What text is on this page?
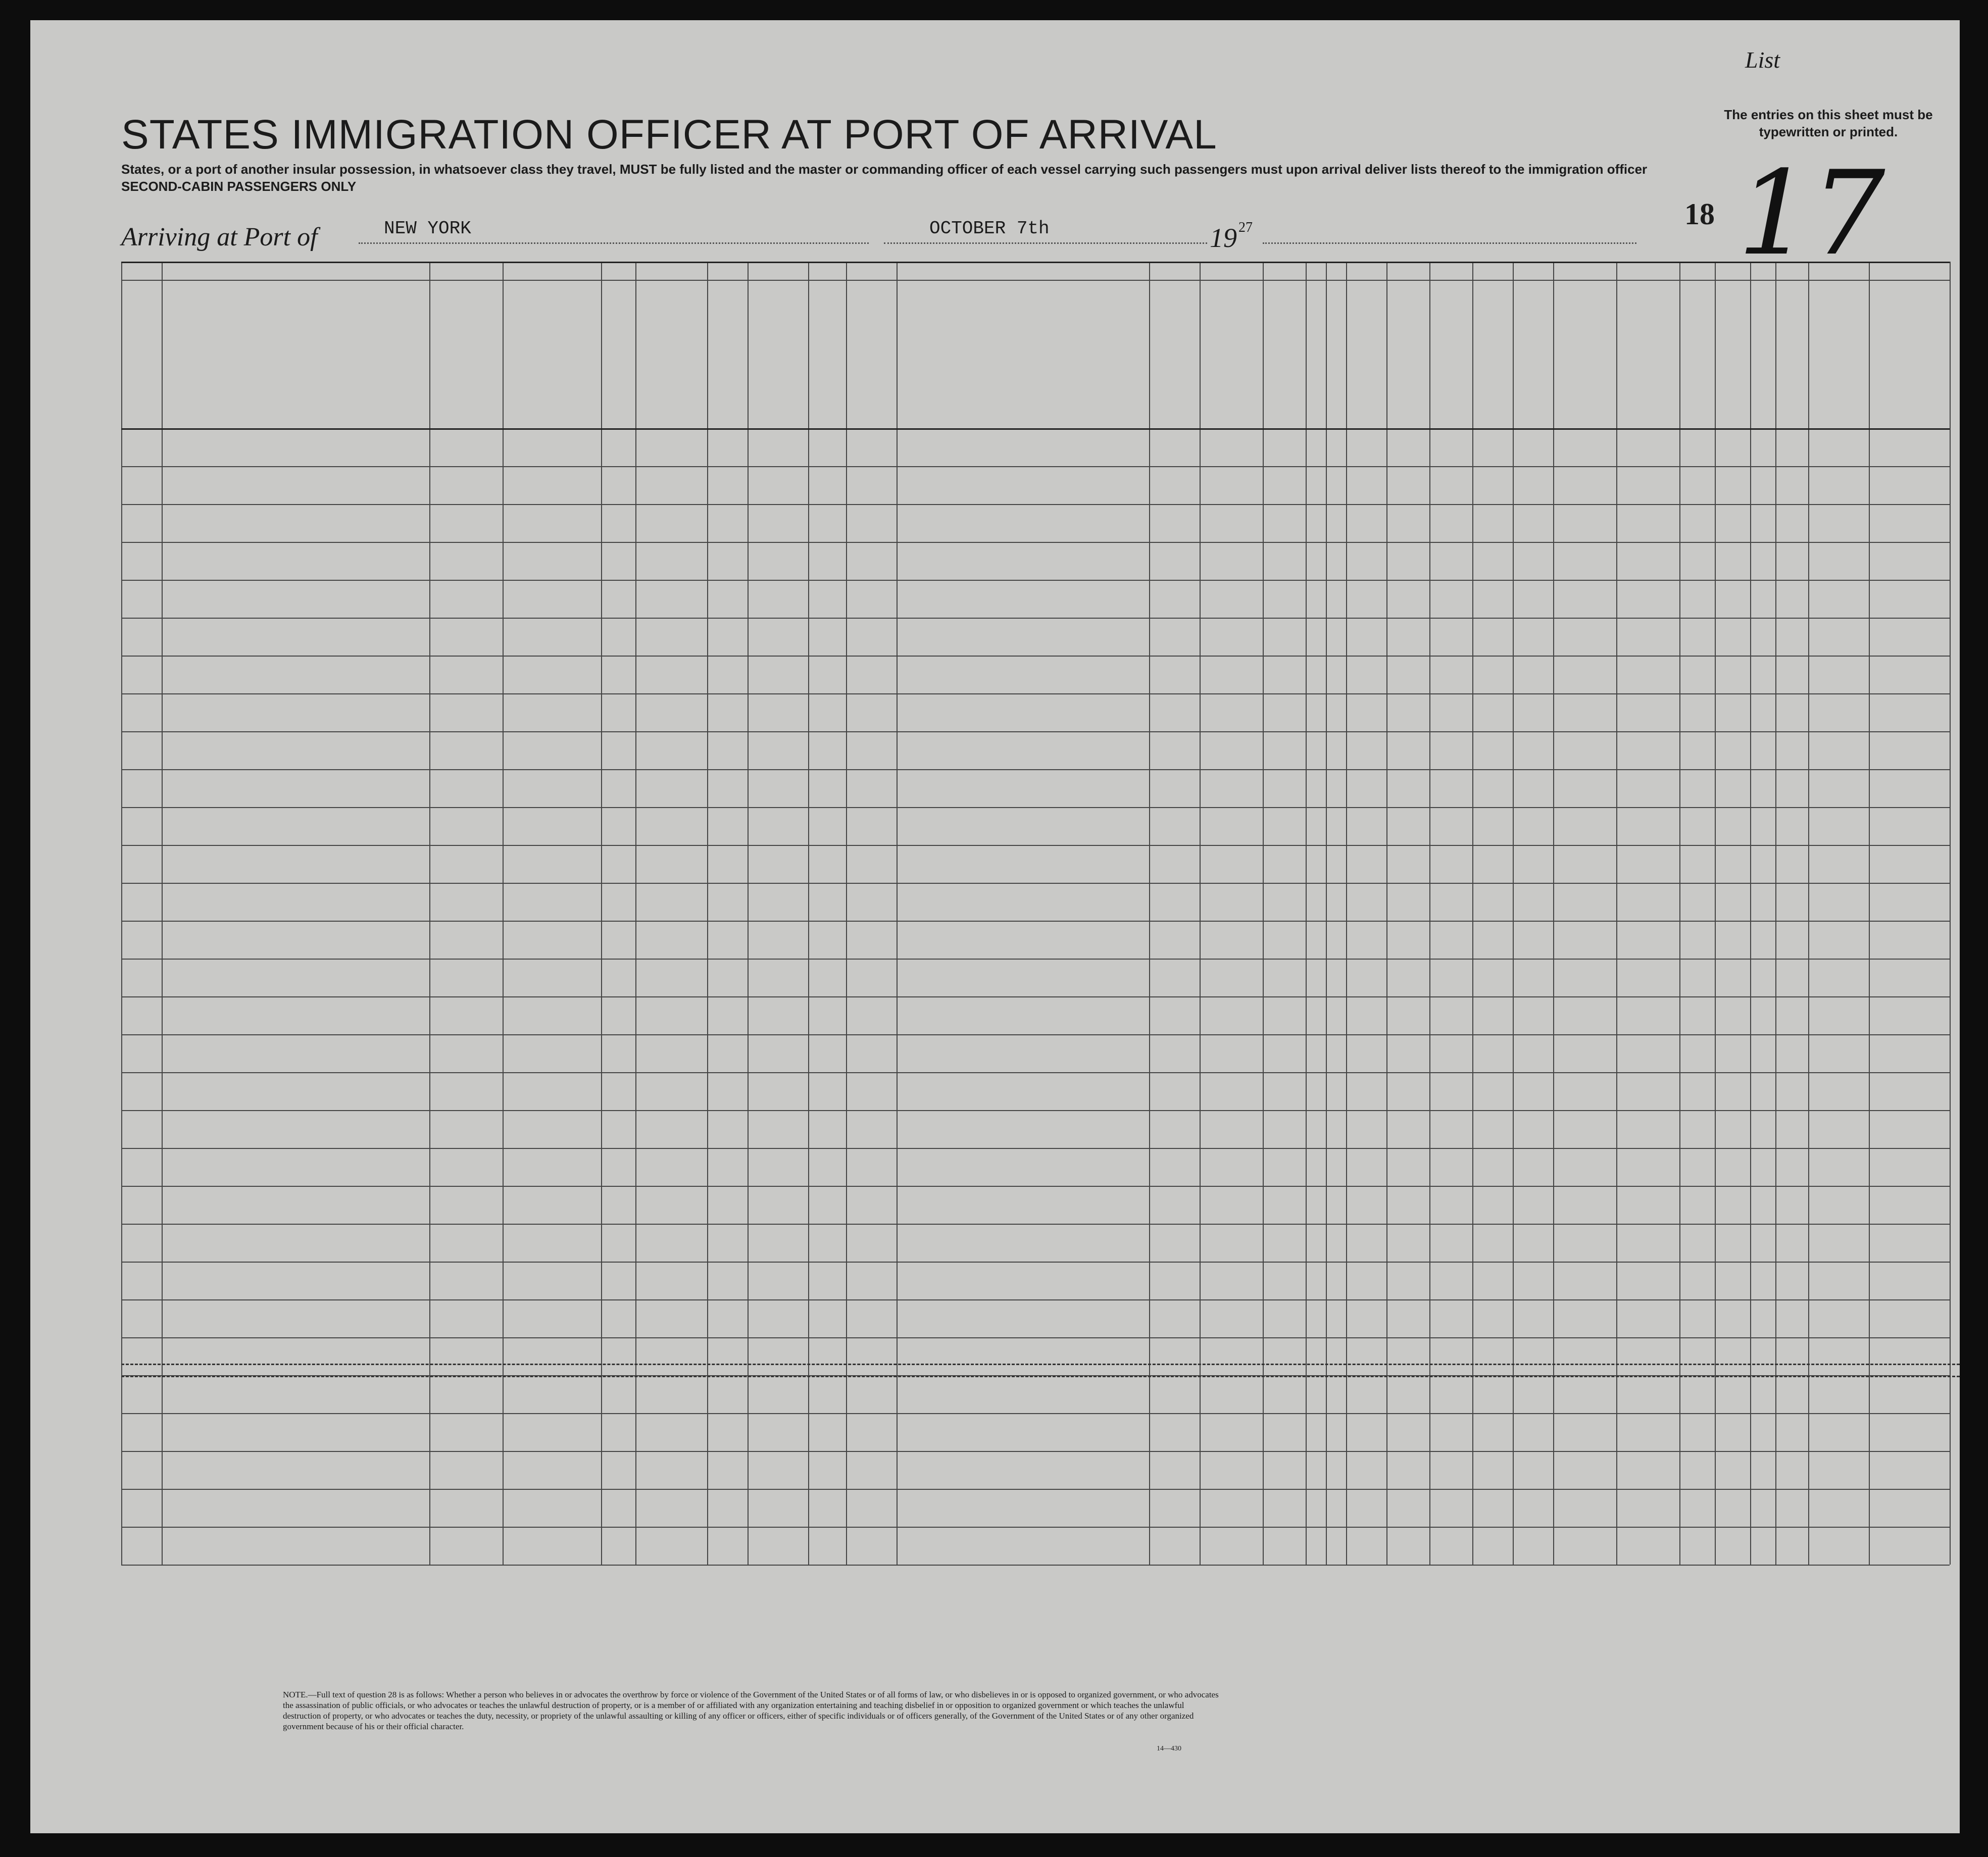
List
The entries on this sheet must be typewritten or printed.
STATES IMMIGRATION OFFICER AT PORT OF ARRIVAL
States, or a port of another insular possession, in whatsoever class they travel, MUST be fully listed and the master or commanding officer of each vessel carrying such passengers must upon arrival deliver lists thereof to the immigration officer
SECOND-CABIN PASSENGERS ONLY
Arriving at Port of	NEW YORK	OCTOBER 7th	19 27	18 17
NOTE.—Full text of question 28 is as follows: Whether a person who believes in or advocates the overthrow by force or violence of the Government of the United States or of all forms of law, or who disbelieves in or is opposed to organized government, or who advocates the assassination of public officials, or who advocates or teaches the unlawful destruction of property, or is a member of or affiliated with any organization entertaining and teaching disbelief in or opposition to organized government or which teaches the unlawful destruction of property, or who advocates or teaches the duty, necessity, or propriety of the unlawful assaulting or killing of any officer or officers, either of specific individuals or of officers generally, of the Government of the United States or of any other organized government because of his or their official character.
14—430
